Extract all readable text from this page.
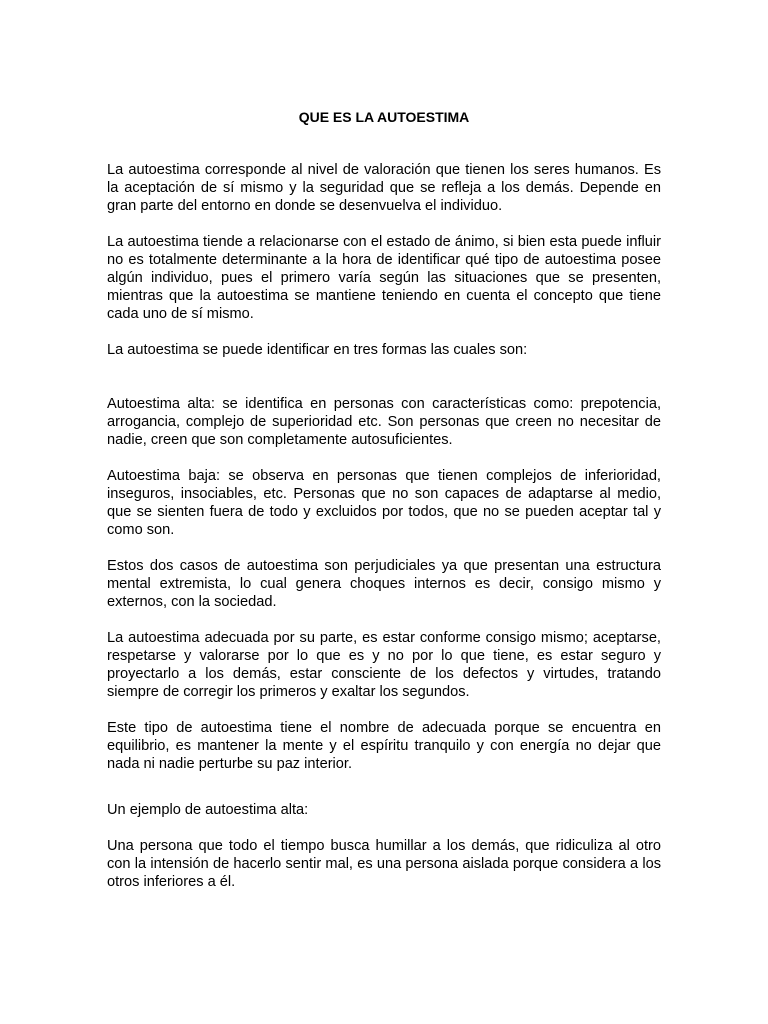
QUE ES LA AUTOESTIMA

La autoestima corresponde al nivel de valoración que tienen los seres humanos. Es la aceptación de sí mismo y la seguridad que se refleja a los demás. Depende en gran parte del entorno en donde se desenvuelva el individuo.

La autoestima tiende a relacionarse con el estado de ánimo, si bien esta puede influir no es totalmente determinante a la hora de identificar qué tipo de autoestima posee algún individuo, pues el primero varía según las situaciones que se presenten, mientras que la autoestima se mantiene teniendo en cuenta el concepto que tiene cada uno de sí mismo.

La autoestima se puede identificar en tres formas las cuales son:

Autoestima alta: se identifica en personas con características como: prepotencia, arrogancia, complejo de superioridad etc. Son personas que creen no necesitar de nadie, creen que son completamente autosuficientes.

Autoestima baja: se observa en personas que tienen complejos de inferioridad, inseguros, insociables, etc. Personas que no son capaces de adaptarse al medio, que se sienten fuera de todo y excluidos por todos, que no se pueden aceptar tal y como son.

Estos dos casos de autoestima son perjudiciales ya que presentan una estructura mental extremista, lo cual genera choques internos es decir, consigo mismo y externos, con la sociedad.

La autoestima adecuada por su parte, es estar conforme consigo mismo; aceptarse, respetarse y valorarse por lo que es y no por lo que tiene, es estar seguro y proyectarlo a los demás, estar consciente de los defectos y virtudes, tratando siempre de corregir los primeros y exaltar los segundos.

Este tipo de autoestima tiene el nombre de adecuada porque se encuentra en equilibrio, es mantener la mente y el espíritu tranquilo y con energía no dejar que nada ni nadie perturbe su paz interior.

Un ejemplo de autoestima alta:

Una persona que todo el tiempo busca humillar a los demás, que ridiculiza al otro con la intensión de hacerlo sentir mal, es una persona aislada porque considera a los otros inferiores a él.
